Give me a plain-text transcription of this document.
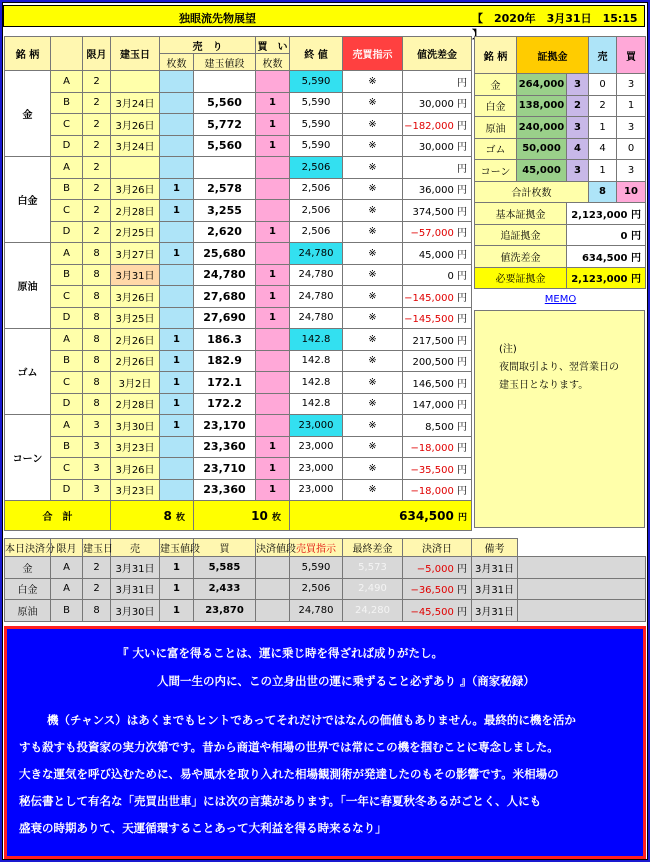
独眼流先物展望	【　 2020年　3月31日　15:15　】
銘 柄		限月	建玉日	売　り		買　い	終 値	売買指示	値洗差金
				枚数	建玉値段	枚数			
金	A	2					5,590	※	円
	B	2	3月24日		5,560	1	5,590	※	30,000 円
	C	2	3月26日		5,772	1	5,590	※	−182,000 円
	D	2	3月24日		5,560	1	5,590	※	30,000 円
白金	A	2					2,506	※	円
	B	2	3月26日	1	2,578		2,506	※	36,000 円
	C	2	2月28日	1	3,255		2,506	※	374,500 円
	D	2	2月25日		2,620	1	2,506	※	−57,000 円
原油	A	8	3月27日	1	25,680		24,780	※	45,000 円
	B	8	3月31日		24,780	1	24,780	※	0 円
	C	8	3月26日		27,680	1	24,780	※	−145,000 円
	D	8	3月25日		27,690	1	24,780	※	−145,500 円
ゴム	A	8	2月26日	1	186.3		142.8	※	217,500 円
	B	8	2月26日	1	182.9		142.8	※	200,500 円
	C	8	3月2日	1	172.1		142.8	※	146,500 円
	D	8	2月28日	1	172.2		142.8	※	147,000 円
コーン	A	3	3月30日	1	23,170		23,000	※	8,500 円
	B	3	3月23日		23,360	1	23,000	※	−18,000 円
	C	3	3月26日		23,710	1	23,000	※	−35,500 円
	D	3	3月23日		23,360	1	23,000	※	−18,000 円
合　計			8 枚		10 枚		634,500 円		
銘 柄	証拠金		売	買
金	264,000	3	0	3
白金	138,000	2	2	1
原油	240,000	3	1	3
ゴム	50,000	4	4	0
コーン	45,000	3	1	3
合計枚数			8	10
基本証拠金		2,123,000 円		
追証拠金		0 円		
値洗差金		634,500 円		
必要証拠金		2,123,000 円		
MEMO
(注)
夜間取引より、翌営業日の
建玉日となります。
本日決済分	限月	建玉日	売	建玉値段	買	決済値段	売買指示	最終差金	決済日	備考	
金	A	2	3月31日	1	5,585		5,590	5,573	−5,000 円	3月31日	
白金	A	2	3月31日	1	2,433		2,506	2,490	−36,500 円	3月31日	
原油	B	8	3月30日	1	23,870		24,780	24,280	−45,500 円	3月31日	

『 大いに富を得ることは、運に乗じ時を得ざれば成りがたし。

人間一生の内に、この立身出世の運に乗ずること必ずあり 』（商家秘録）

機（チャンス）はあくまでもヒントであってそれだけではなんの価値もありません。最終的に機を活か

すも殺すも投資家の実力次第です。昔から商道や相場の世界では常にこの機を掴むことに専念しました。

大きな運気を呼び込むために、易や風水を取り入れた相場観測術が発達したのもその影響です。米相場の

秘伝書として有名な「売買出世車」には次の言葉があります。「一年に春夏秋冬あるがごとく、人にも

盛衰の時期ありて、天運循環することあって大利益を得る時来るなり」
